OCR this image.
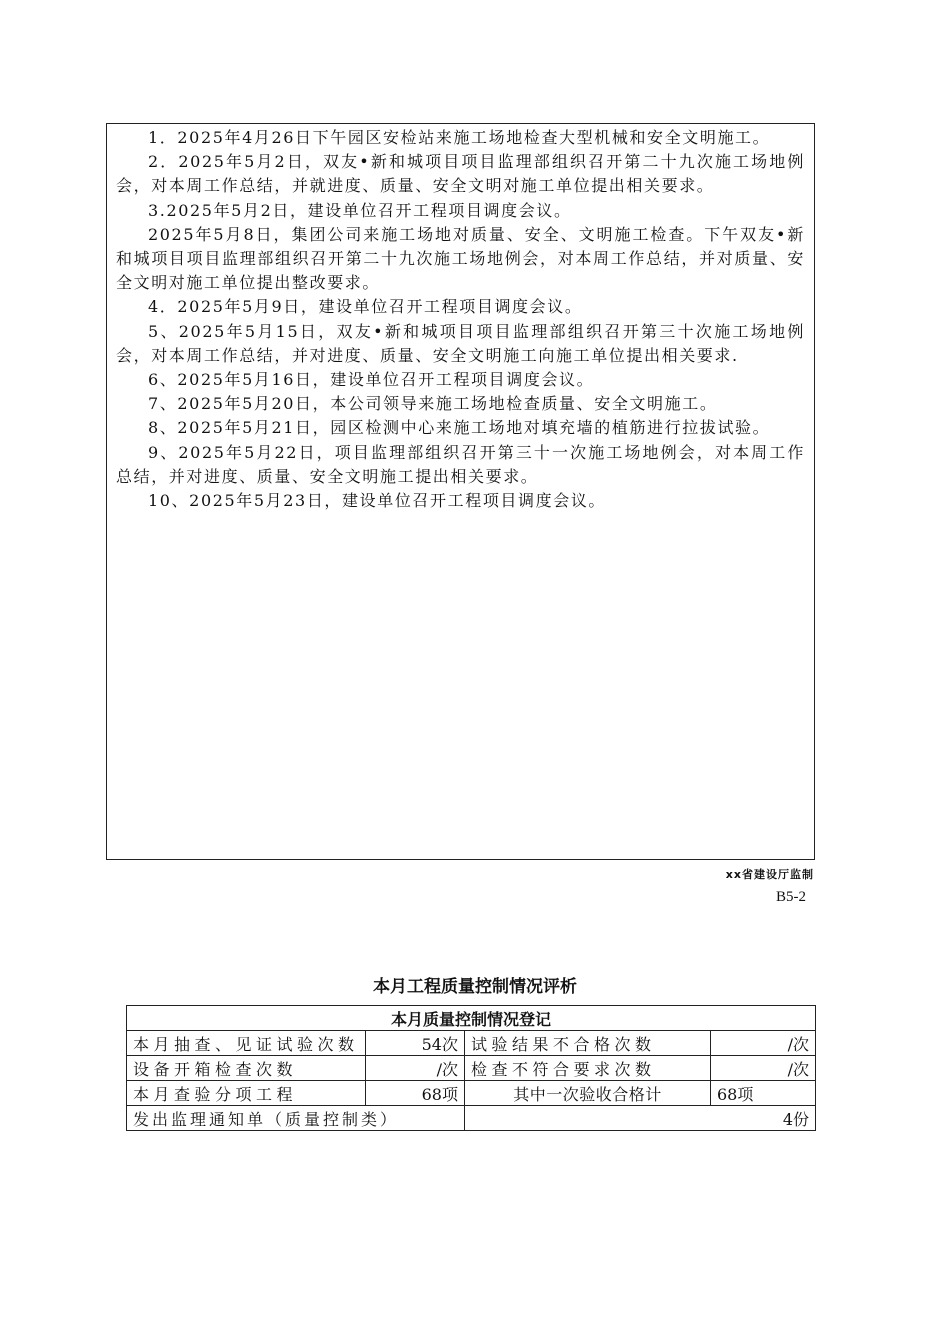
1．2025年4月26日下午园区安检站来施工场地检查大型机械和安全文明施工。

2．2025年5月2日，双友•新和城项目项目监理部组织召开第二十九次施工场地例会，对本周工作总结，并就进度、质量、安全文明对施工单位提出相关要求。

3.2025年5月2日，建设单位召开工程项目调度会议。

2025年5月8日，集团公司来施工场地对质量、安全、文明施工检查。下午双友•新和城项目项目监理部组织召开第二十九次施工场地例会，对本周工作总结，并对质量、安全文明对施工单位提出整改要求。

4．2025年5月9日，建设单位召开工程项目调度会议。

5、2025年5月15日，双友•新和城项目项目监理部组织召开第三十次施工场地例会，对本周工作总结，并对进度、质量、安全文明施工向施工单位提出相关要求.

6、2025年5月16日，建设单位召开工程项目调度会议。

7、2025年5月20日，本公司领导来施工场地检查质量、安全文明施工。

8、2025年5月21日，园区检测中心来施工场地对填充墙的植筋进行拉拔试验。

9、2025年5月22日，项目监理部组织召开第三十一次施工场地例会，对本周工作总结，并对进度、质量、安全文明施工提出相关要求。

10、2025年5月23日，建设单位召开工程项目调度会议。

xx省建设厅监制
B5-2
本月工程质量控制情况评析
本月质量控制情况登记			
本月抽查、见证试验次数	54次	试验结果不合格次数	/次
设备开箱检查次数	/次	检查不符合要求次数	/次
本月查验分项工程	68项	其中一次验收合格计	68项
发出监理通知单（质量控制类）		4份	
